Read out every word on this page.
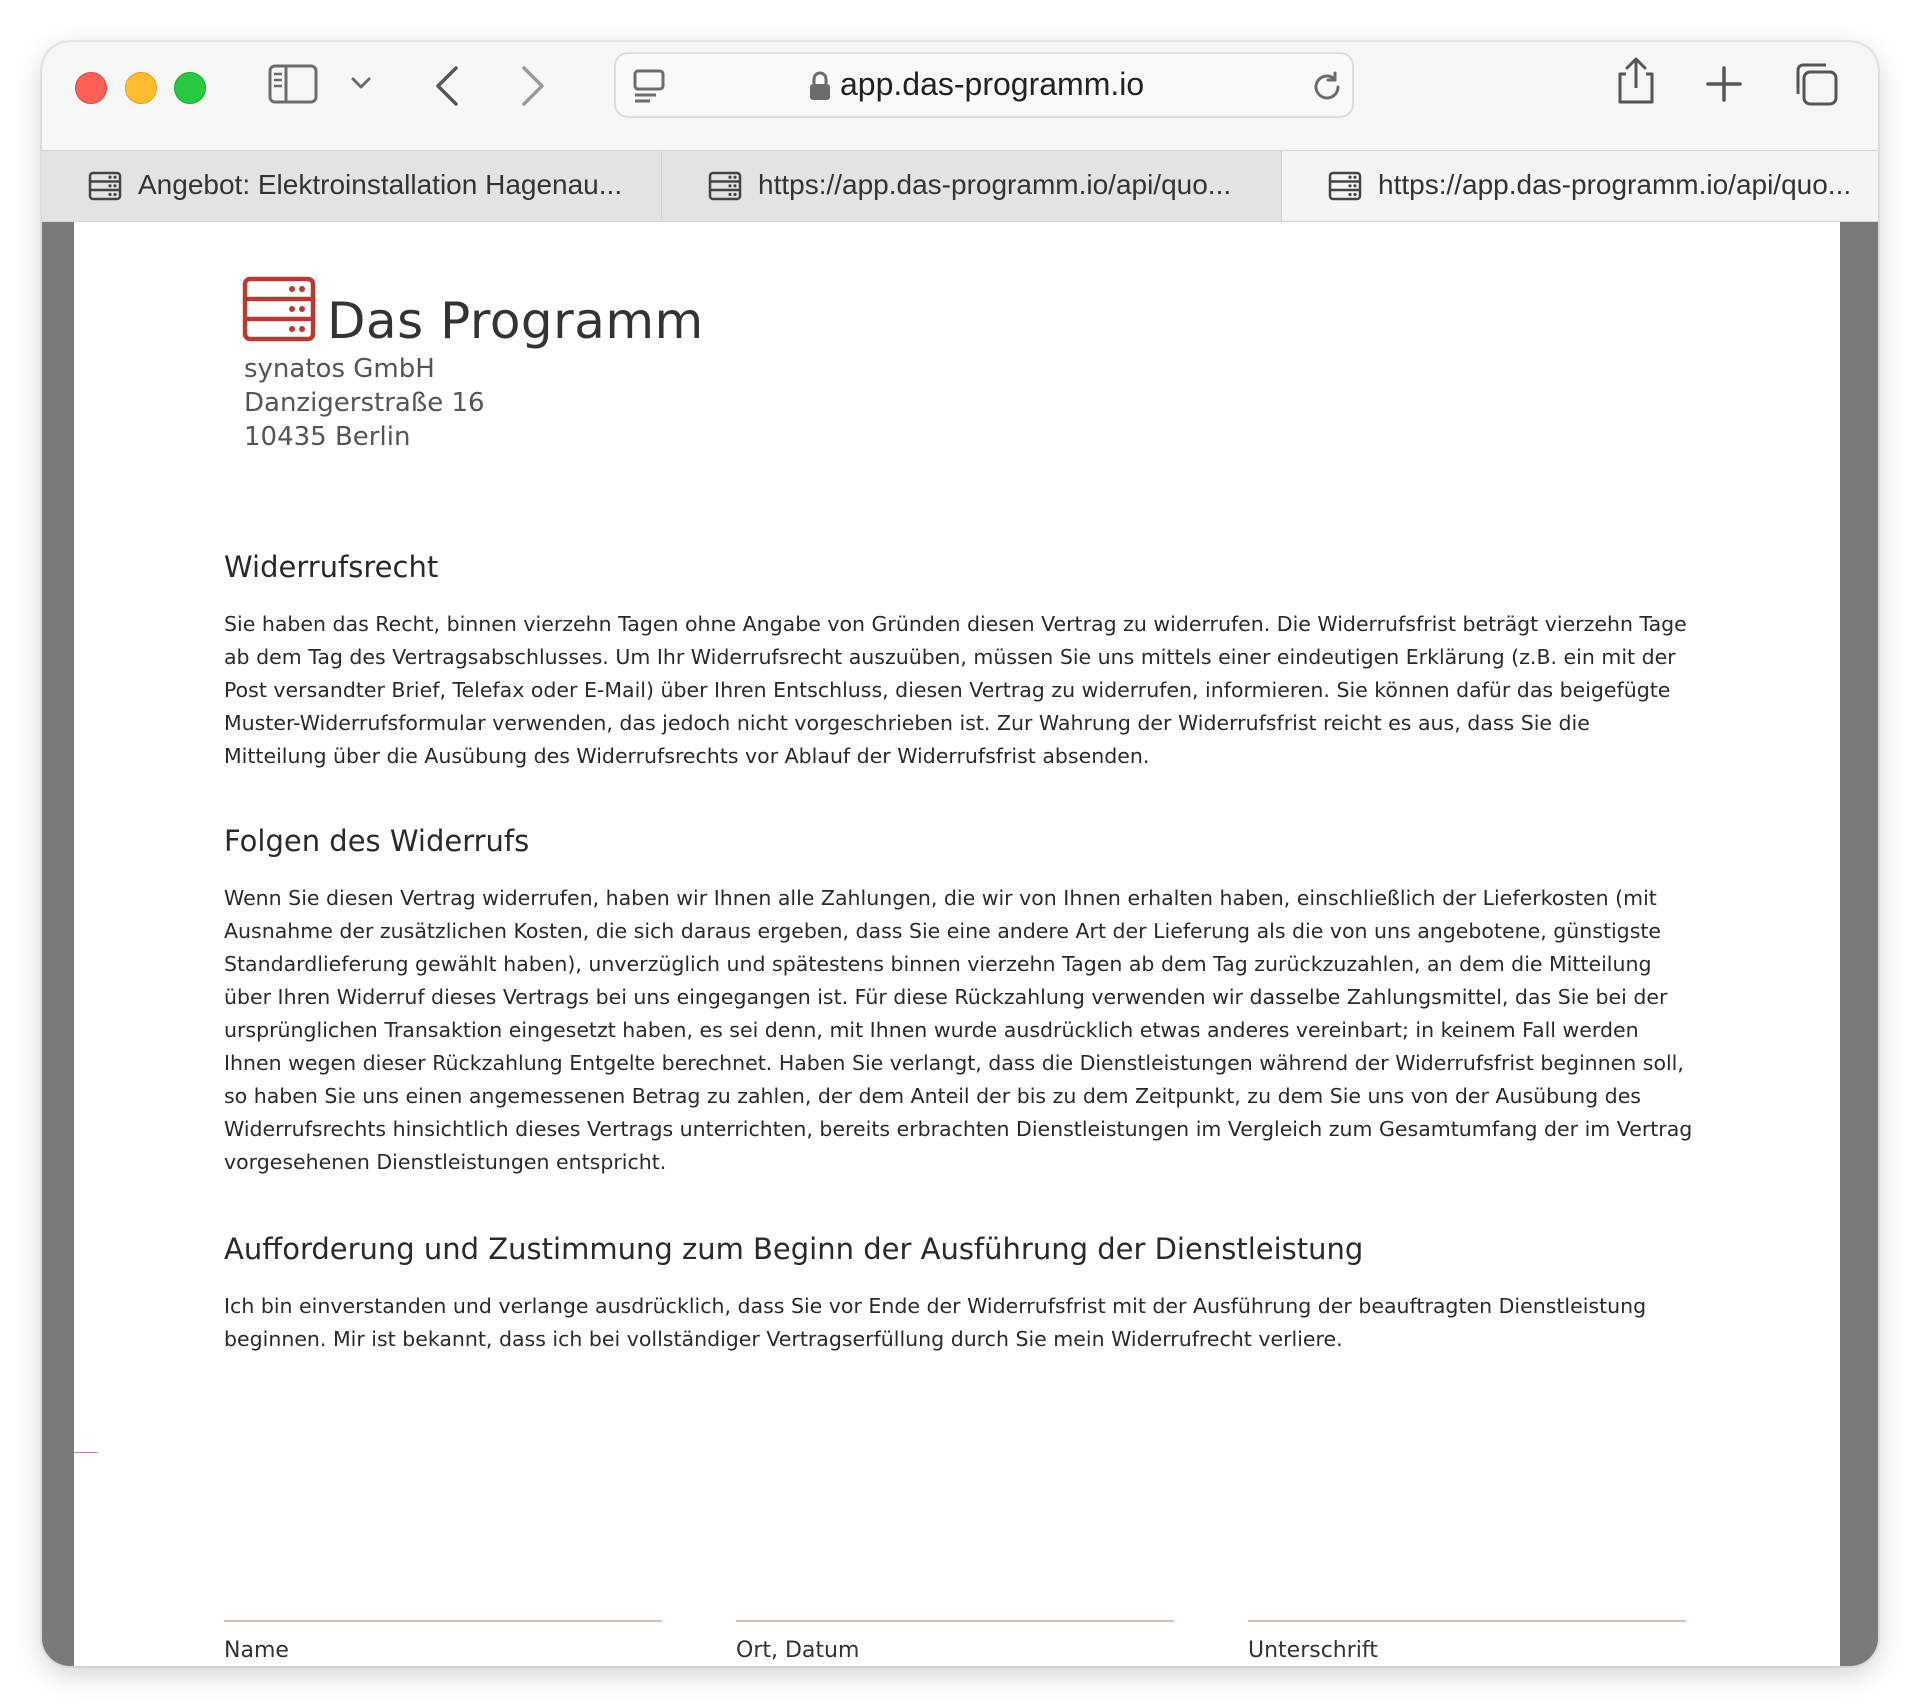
app.das-programm.io
Angebot: Elektroinstallation Hagenau...	https://app.das-programm.io/api/quo...	https://app.das-programm.io/api/quo...
Das Programm
synatos GmbH
Danzigerstraße 16
10435 Berlin
Widerrufsrecht

Sie haben das Recht, binnen vierzehn Tagen ohne Angabe von Gründen diesen Vertrag zu widerrufen. Die Widerrufsfrist beträgt vierzehn Tage ab dem Tag des Vertragsabschlusses. Um Ihr Widerrufsrecht auszuüben, müssen Sie uns mittels einer eindeutigen Erklärung (z.B. ein mit der Post versandter Brief, Telefax oder E-Mail) über Ihren Entschluss, diesen Vertrag zu widerrufen, informieren. Sie können dafür das beigefügte Muster-Widerrufsformular verwenden, das jedoch nicht vorgeschrieben ist. Zur Wahrung der Widerrufsfrist reicht es aus, dass Sie die Mitteilung über die Ausübung des Widerrufsrechts vor Ablauf der Widerrufsfrist absenden.

Folgen des Widerrufs

Wenn Sie diesen Vertrag widerrufen, haben wir Ihnen alle Zahlungen, die wir von Ihnen erhalten haben, einschließlich der Lieferkosten (mit Ausnahme der zusätzlichen Kosten, die sich daraus ergeben, dass Sie eine andere Art der Lieferung als die von uns angebotene, günstigste Standardlieferung gewählt haben), unverzüglich und spätestens binnen vierzehn Tagen ab dem Tag zurückzuzahlen, an dem die Mitteilung über Ihren Widerruf dieses Vertrags bei uns eingegangen ist. Für diese Rückzahlung verwenden wir dasselbe Zahlungsmittel, das Sie bei der ursprünglichen Transaktion eingesetzt haben, es sei denn, mit Ihnen wurde ausdrücklich etwas anderes vereinbart; in keinem Fall werden Ihnen wegen dieser Rückzahlung Entgelte berechnet. Haben Sie verlangt, dass die Dienstleistungen während der Widerrufsfrist beginnen soll, so haben Sie uns einen angemessenen Betrag zu zahlen, der dem Anteil der bis zu dem Zeitpunkt, zu dem Sie uns von der Ausübung des Widerrufsrechts hinsichtlich dieses Vertrags unterrichten, bereits erbrachten Dienstleistungen im Vergleich zum Gesamtumfang der im Vertrag vorgesehenen Dienstleistungen entspricht.

Aufforderung und Zustimmung zum Beginn der Ausführung der Dienstleistung

Ich bin einverstanden und verlange ausdrücklich, dass Sie vor Ende der Widerrufsfrist mit der Ausführung der beauftragten Dienstleistung beginnen. Mir ist bekannt, dass ich bei vollständiger Vertragserfüllung durch Sie mein Widerrufrecht verliere.

Name	Ort, Datum	Unterschrift
